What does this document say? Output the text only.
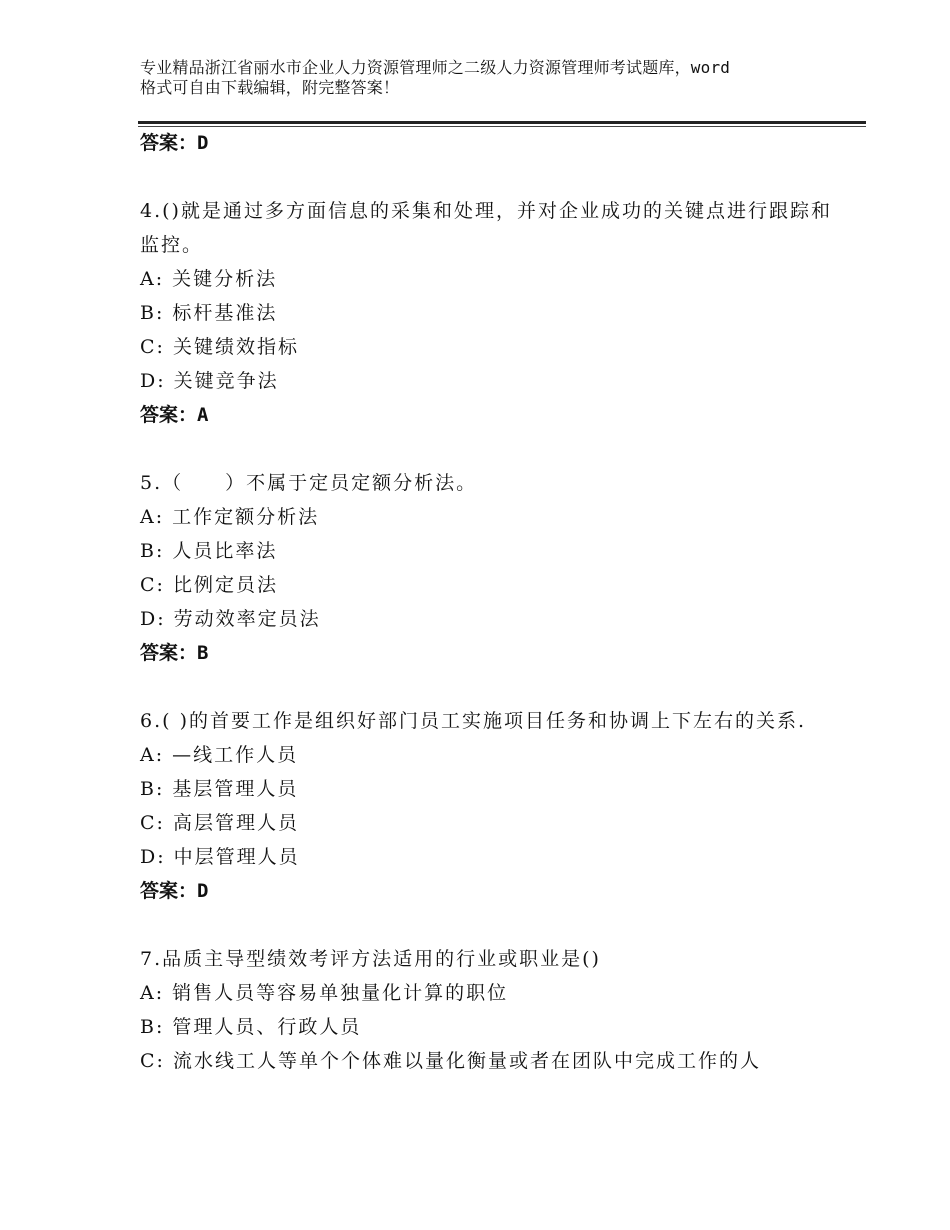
专业精品浙江省丽水市企业人力资源管理师之二级人力资源管理师考试题库，word
格式可自由下载编辑，附完整答案！
答案：D
4.()就是通过多方面信息的采集和处理，并对企业成功的关键点进行跟踪和监控。
A: 关键分析法
B: 标杆基准法
C: 关键绩效指标
D: 关键竞争法
答案：A
5.（　　）不属于定员定额分析法。
A: 工作定额分析法
B: 人员比率法
C: 比例定员法
D: 劳动效率定员法
答案：B
6.( )的首要工作是组织好部门员工实施项目任务和协调上下左右的关系.
A: —线工作人员
B: 基层管理人员
C: 高层管理人员
D: 中层管理人员
答案：D
7.品质主导型绩效考评方法适用的行业或职业是()
A: 销售人员等容易单独量化计算的职位
B: 管理人员、行政人员
C: 流水线工人等单个个体难以量化衡量或者在团队中完成工作的人
